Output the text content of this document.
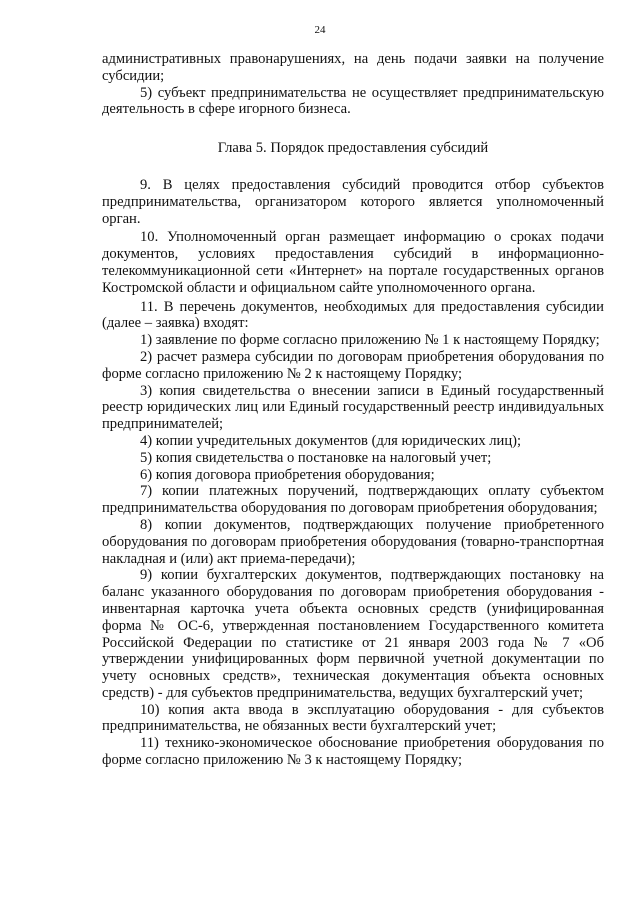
24

административных правонарушениях, на день подачи заявки на получение субсидии;

5) субъект предпринимательства не осуществляет предпринимательскую деятельность в сфере игорного бизнеса.

Глава 5. Порядок предоставления субсидий

9. В целях предоставления субсидий проводится отбор субъектов предпринимательства, организатором которого является уполномоченный орган.

10. Уполномоченный орган размещает информацию о сроках подачи документов, условиях предоставления субсидий в информационно-телекоммуникационной сети «Интернет» на портале государственных органов Костромской области и официальном сайте уполномоченного органа.

11. В перечень документов, необходимых для предоставления субсидии (далее – заявка) входят:

1) заявление по форме согласно приложению № 1 к настоящему Порядку;

2) расчет размера субсидии по договорам приобретения оборудования по форме согласно приложению № 2 к настоящему Порядку;

3) копия свидетельства о внесении записи в Единый государственный реестр юридических лиц или Единый государственный реестр индивидуальных предпринимателей;

4) копии учредительных документов (для юридических лиц);

5) копия свидетельства о постановке на налоговый учет;

6) копия договора приобретения оборудования;

7) копии платежных поручений, подтверждающих оплату субъектом предпринимательства оборудования по договорам приобретения оборудования;

8) копии документов, подтверждающих получение приобретенного оборудования по договорам приобретения оборудования (товарно-транспортная накладная и (или) акт приема-передачи);

9) копии бухгалтерских документов, подтверждающих постановку на баланс указанного оборудования по договорам приобретения оборудования - инвентарная карточка учета объекта основных средств (унифицированная форма № ОС-6, утвержденная постановлением Государственного комитета Российской Федерации по статистике от 21 января 2003 года № 7 «Об утверждении унифицированных форм первичной учетной документации по учету основных средств», техническая документация объекта основных средств) - для субъектов предпринимательства, ведущих бухгалтерский учет;

10) копия акта ввода в эксплуатацию оборудования - для субъектов предпринимательства, не обязанных вести бухгалтерский учет;

11) технико-экономическое обоснование приобретения оборудования по форме согласно приложению № 3 к настоящему Порядку;
